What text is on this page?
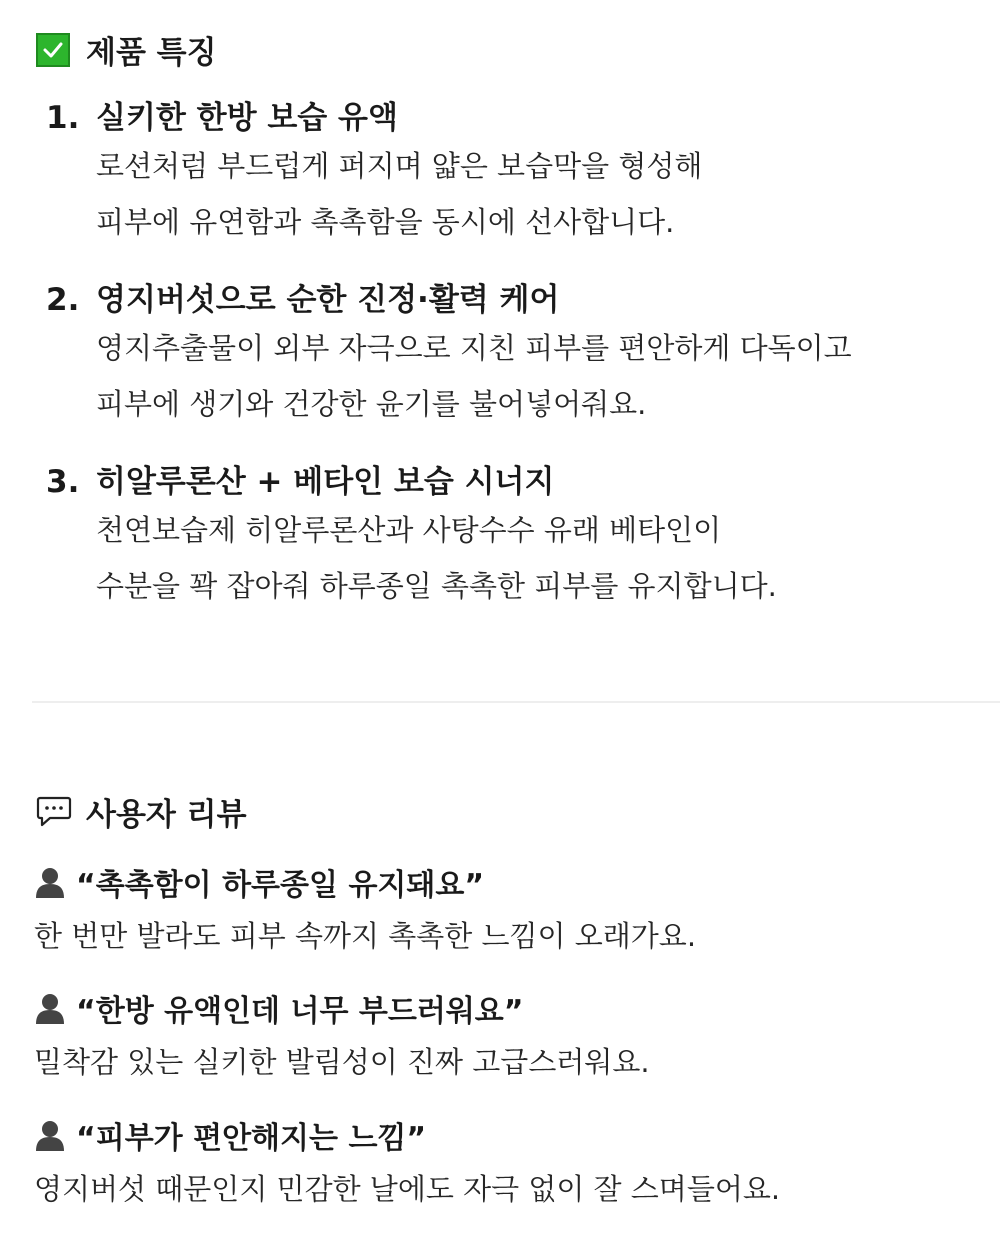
제품 특징
1. 실키한 한방 보습 유액
로션처럼 부드럽게 퍼지며 얇은 보습막을 형성해
피부에 유연함과 촉촉함을 동시에 선사합니다.
2. 영지버섯으로 순한 진정·활력 케어
영지추출물이 외부 자극으로 지친 피부를 편안하게 다독이고
피부에 생기와 건강한 윤기를 불어넣어줘요.
3. 히알루론산 + 베타인 보습 시너지
천연보습제 히알루론산과 사탕수수 유래 베타인이
수분을 꽉 잡아줘 하루종일 촉촉한 피부를 유지합니다.
사용자 리뷰
“촉촉함이 하루종일 유지돼요”
한 번만 발라도 피부 속까지 촉촉한 느낌이 오래가요.
“한방 유액인데 너무 부드러워요”
밀착감 있는 실키한 발림성이 진짜 고급스러워요.
“피부가 편안해지는 느낌”
영지버섯 때문인지 민감한 날에도 자극 없이 잘 스며들어요.
